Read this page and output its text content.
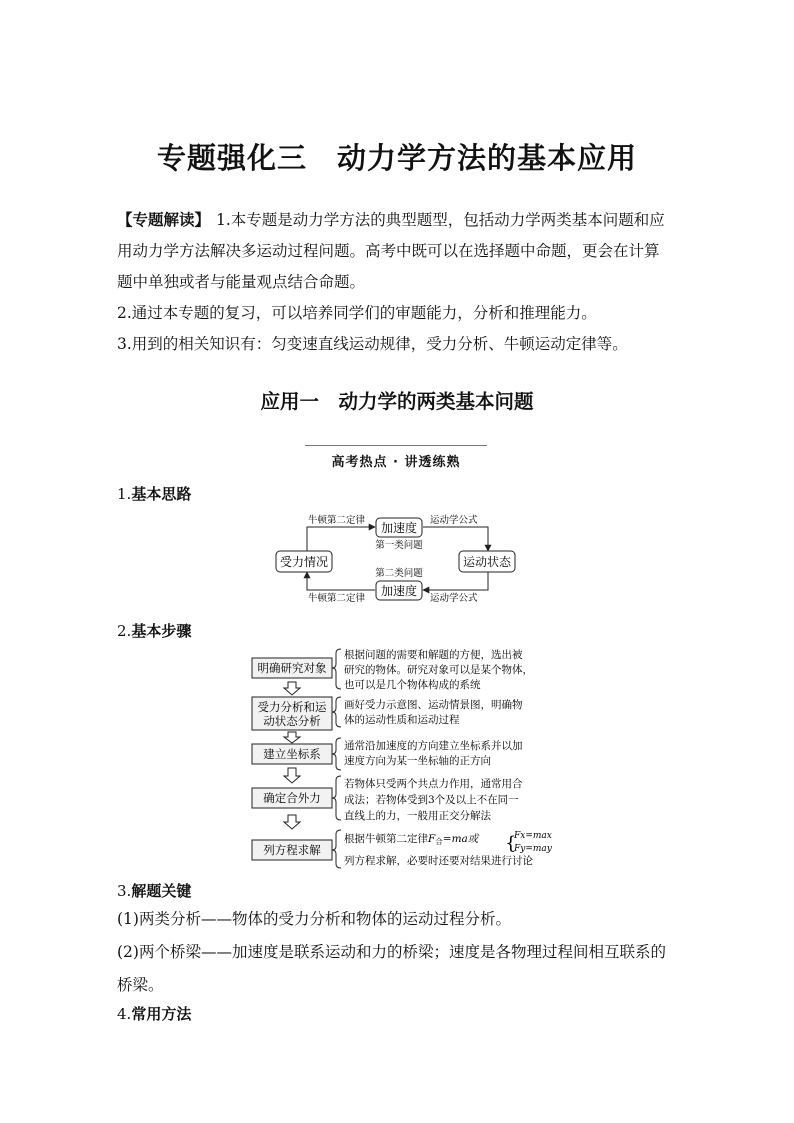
专题强化三　动力学方法的基本应用
【专题解读】 1.本专题是动力学方法的典型题型，包括动力学两类基本问题和应
用动力学方法解决多运动过程问题。高考中既可以在选择题中命题，更会在计算
题中单独或者与能量观点结合命题。
2.通过本专题的复习，可以培养同学们的审题能力，分析和推理能力。
3.用到的相关知识有：匀变速直线运动规律，受力分析、牛顿运动定律等。
应用一　动力学的两类基本问题
高考热点 · 讲透练熟
1.基本思路
受力情况	运动状态
加速度
加速度
牛顿第二定律	运动学公式
第一类问题
第二类问题
牛顿第二定律	运动学公式
2.基本步骤
明确研究对象
根据问题的需要和解题的方便，选出被
研究的物体。研究对象可以是某个物体，
也可以是几个物体构成的系统
受力分析和运
动状态分析
画好受力示意图、运动情景图，明确物
体的运动性质和运动过程
建立坐标系
通常沿加速度的方向建立坐标系并以加
速度方向为某一坐标轴的正方向
确定合外力
若物体只受两个共点力作用，通常用合
成法；若物体受到3个及以上不在同一
直线上的力，一般用正交分解法
列方程求解
根据牛顿第二定律F合=ma或 {
Fx=max
Fy=may
列方程求解，必要时还要对结果进行讨论
3.解题关键
(1)两类分析——物体的受力分析和物体的运动过程分析。
(2)两个桥梁——加速度是联系运动和力的桥梁；速度是各物理过程间相互联系的
桥梁。
4.常用方法
